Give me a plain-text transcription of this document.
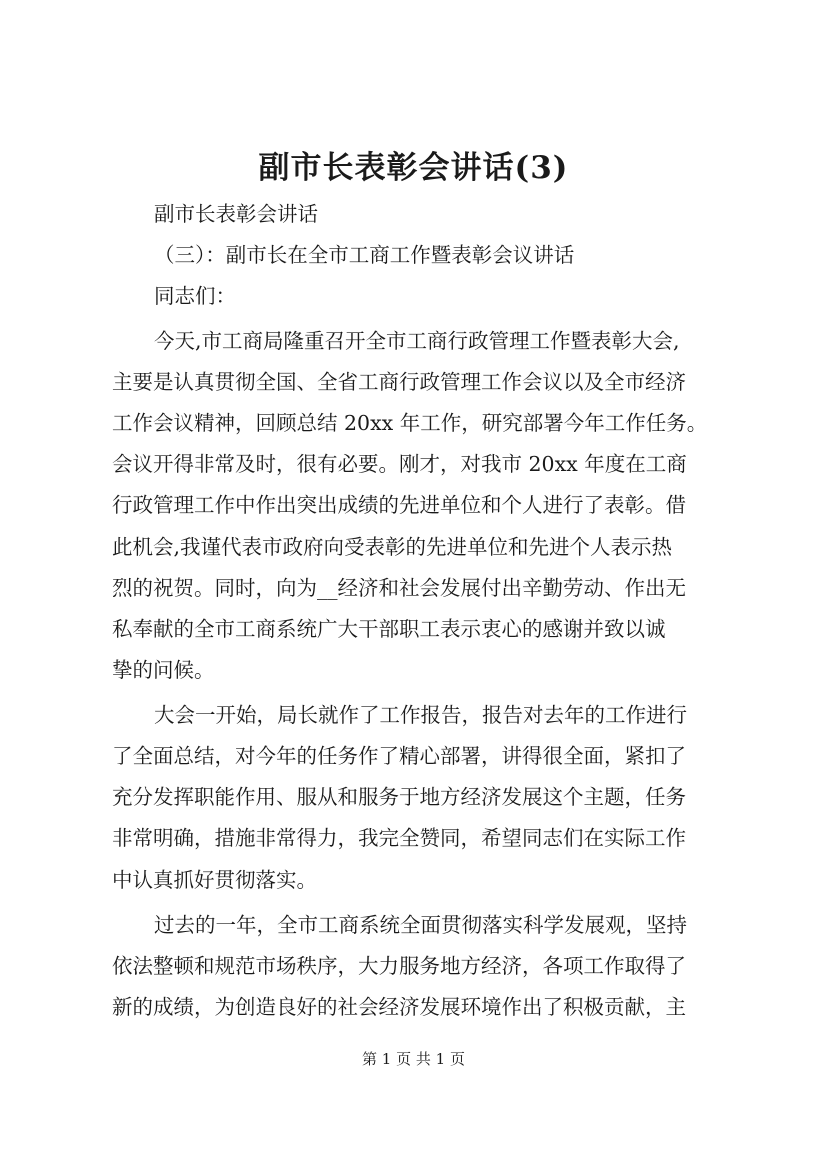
副市长表彰会讲话(3)
副市长表彰会讲话
（三）：副市长在全市工商工作暨表彰会议讲话
同志们：
今天,市工商局隆重召开全市工商行政管理工作暨表彰大会,
主要是认真贯彻全国、全省工商行政管理工作会议以及全市经济
工作会议精神，回顾总结 20xx 年工作，研究部署今年工作任务。
会议开得非常及时，很有必要。刚才，对我市 20xx 年度在工商
行政管理工作中作出突出成绩的先进单位和个人进行了表彰。借
此机会,我谨代表市政府向受表彰的先进单位和先进个人表示热
烈的祝贺。同时，向为__经济和社会发展付出辛勤劳动、作出无
私奉献的全市工商系统广大干部职工表示衷心的感谢并致以诚
挚的问候。
大会一开始，局长就作了工作报告，报告对去年的工作进行
了全面总结，对今年的任务作了精心部署，讲得很全面，紧扣了
充分发挥职能作用、服从和服务于地方经济发展这个主题，任务
非常明确，措施非常得力，我完全赞同，希望同志们在实际工作
中认真抓好贯彻落实。
过去的一年，全市工商系统全面贯彻落实科学发展观，坚持
依法整顿和规范市场秩序，大力服务地方经济，各项工作取得了
新的成绩，为创造良好的社会经济发展环境作出了积极贡献，主
第 1 页 共 1 页
